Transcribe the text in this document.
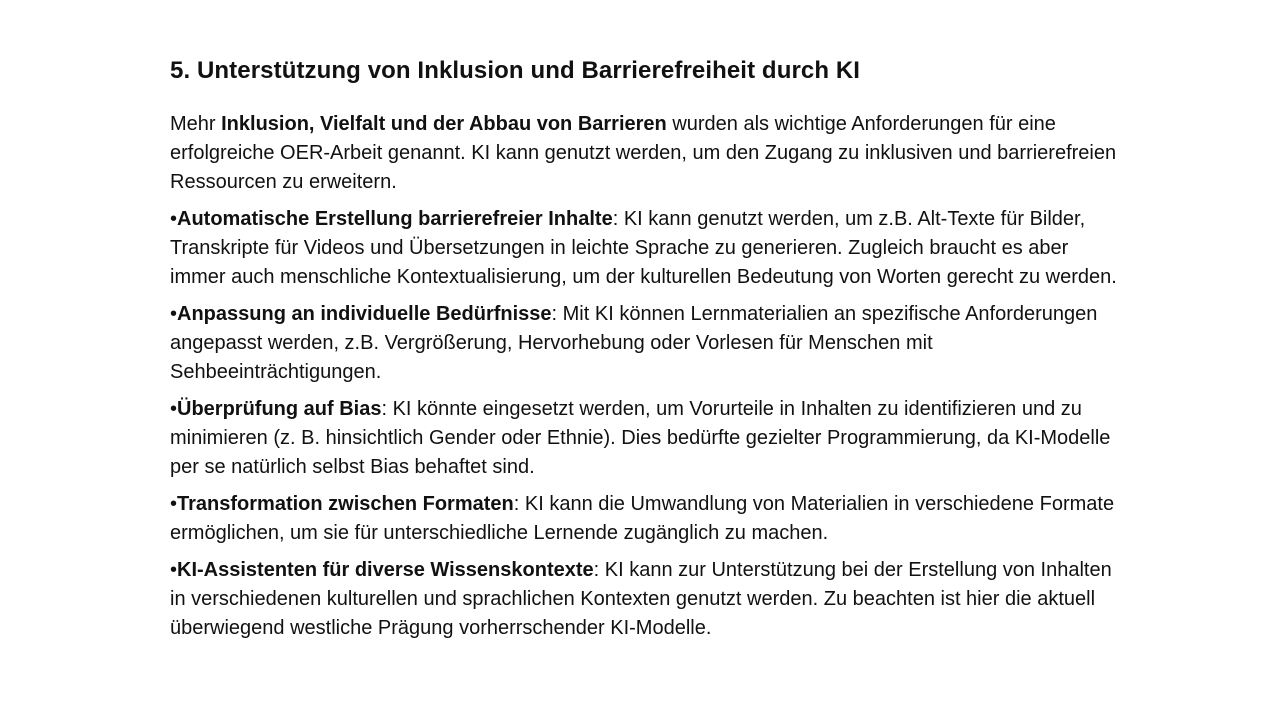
5. Unterstützung von Inklusion und Barrierefreiheit durch KI

Mehr Inklusion, Vielfalt und der Abbau von Barrieren wurden als wichtige Anforderungen für eine erfolgreiche OER-Arbeit genannt. KI kann genutzt werden, um den Zugang zu inklusiven und barrierefreien Ressourcen zu erweitern.

•Automatische Erstellung barrierefreier Inhalte: KI kann genutzt werden, um z.B. Alt-Texte für Bilder, Transkripte für Videos und Übersetzungen in leichte Sprache zu generieren. Zugleich braucht es aber immer auch menschliche Kontextualisierung, um der kulturellen Bedeutung von Worten gerecht zu werden.

•Anpassung an individuelle Bedürfnisse: Mit KI können Lernmaterialien an spezifische Anforderungen angepasst werden, z.B. Vergrößerung, Hervorhebung oder Vorlesen für Menschen mit Sehbeeinträchtigungen.

•Überprüfung auf Bias: KI könnte eingesetzt werden, um Vorurteile in Inhalten zu identifizieren und zu minimieren (z. B. hinsichtlich Gender oder Ethnie). Dies bedürfte gezielter Programmierung, da KI-Modelle per se natürlich selbst Bias behaftet sind.

•Transformation zwischen Formaten: KI kann die Umwandlung von Materialien in verschiedene Formate ermöglichen, um sie für unterschiedliche Lernende zugänglich zu machen.

•KI-Assistenten für diverse Wissenskontexte: KI kann zur Unterstützung bei der Erstellung von Inhalten in verschiedenen kulturellen und sprachlichen Kontexten genutzt werden. Zu beachten ist hier die aktuell überwiegend westliche Prägung vorherrschender KI-Modelle.
